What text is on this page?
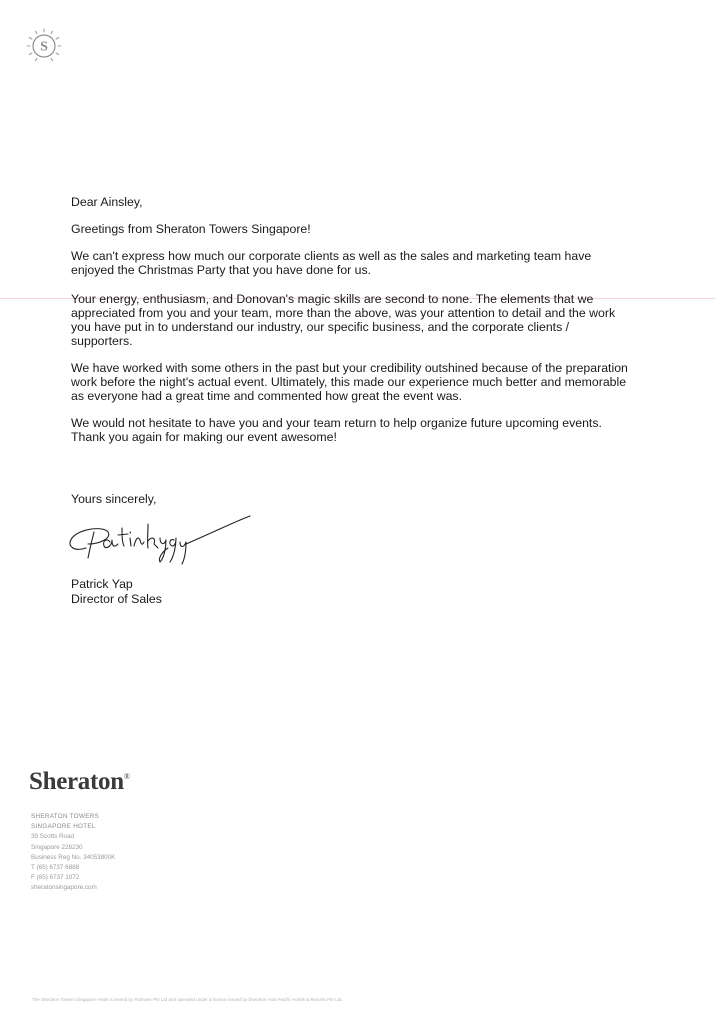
S

Dear Ainsley,

Greetings from Sheraton Towers Singapore!

We can't express how much our corporate clients as well as the sales and marketing team have enjoyed the Christmas Party that you have done for us.

Your energy, enthusiasm, and Donovan's magic skills are second to none. The elements that we appreciated from you and your team, more than the above, was your attention to detail and the work you have put in to understand our industry, our specific business, and the corporate clients / supporters.

We have worked with some others in the past but your credibility outshined because of the preparation work before the night's actual event. Ultimately, this made our experience much better and memorable as everyone had a great time and commented how great the event was.

We would not hesitate to have you and your team return to help organize future upcoming events. Thank you again for making our event awesome!

Yours sincerely,
Patrick Yap
Patrick Yap
Director of Sales
Sheraton®
SHERATON TOWERS
SINGAPORE HOTEL
39 Scotts Road
Singapore 228230
Business Reg No. 34053800K
T (65) 6737 6888
F (65) 6737 1072
sheratonsingapore.com
The Sheraton Towers Singapore Hotel is owned by Richvein Pte Ltd and operated under a licence issued by Sheraton Asia Pacific Hotels & Resorts Pte Ltd.
